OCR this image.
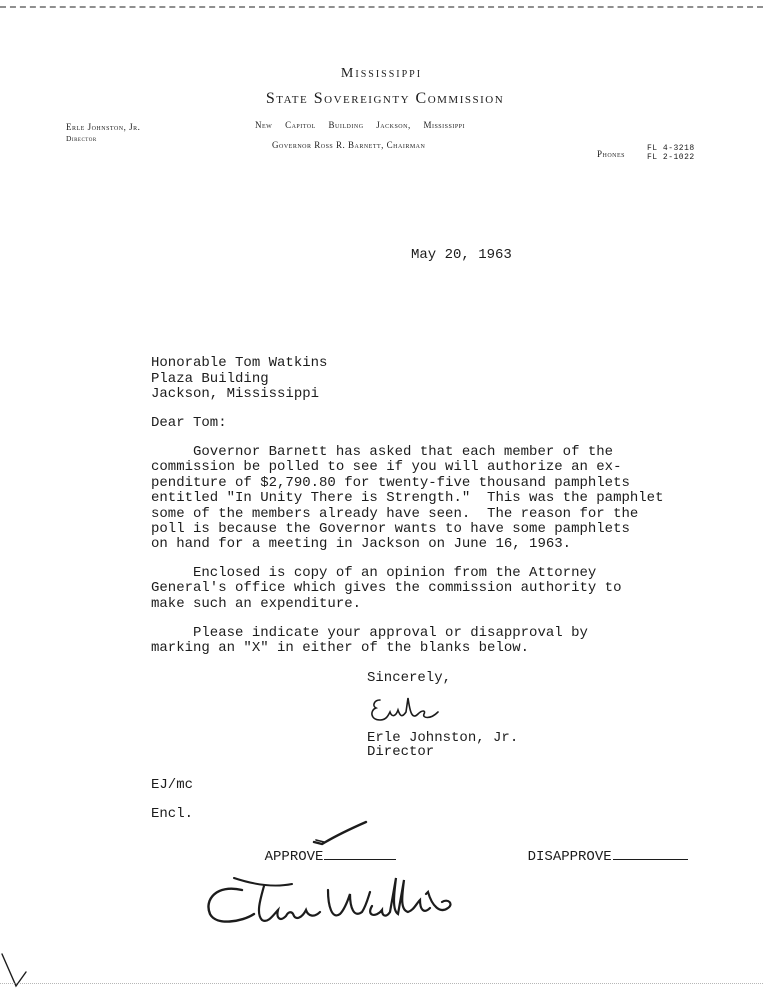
Mississippi
State Sovereignty Commission
Erle Johnston, Jr.
Director
New Capitol Building Jackson, Mississippi
Governor Ross R. Barnett, Chairman
Phones
FL 4-3218
FL 2-1022
May 20, 1963
Honorable Tom Watkins
Plaza Building
Jackson, Mississippi
Dear Tom:
Governor Barnett has asked that each member of the
commission be polled to see if you will authorize an ex-
penditure of $2,790.80 for twenty-five thousand pamphlets
entitled "In Unity There is Strength."  This was the pamphlet
some of the members already have seen.  The reason for the
poll is because the Governor wants to have some pamphlets
on hand for a meeting in Jackson on June 16, 1963.
Enclosed is copy of an opinion from the Attorney
General's office which gives the commission authority to
make such an expenditure.
Please indicate your approval or disapproval by
marking an "X" in either of the blanks below.
Sincerely,
Erle Johnston, Jr.
Director
EJ/mc
Encl.

APPROVE
	DISAPPROVE
